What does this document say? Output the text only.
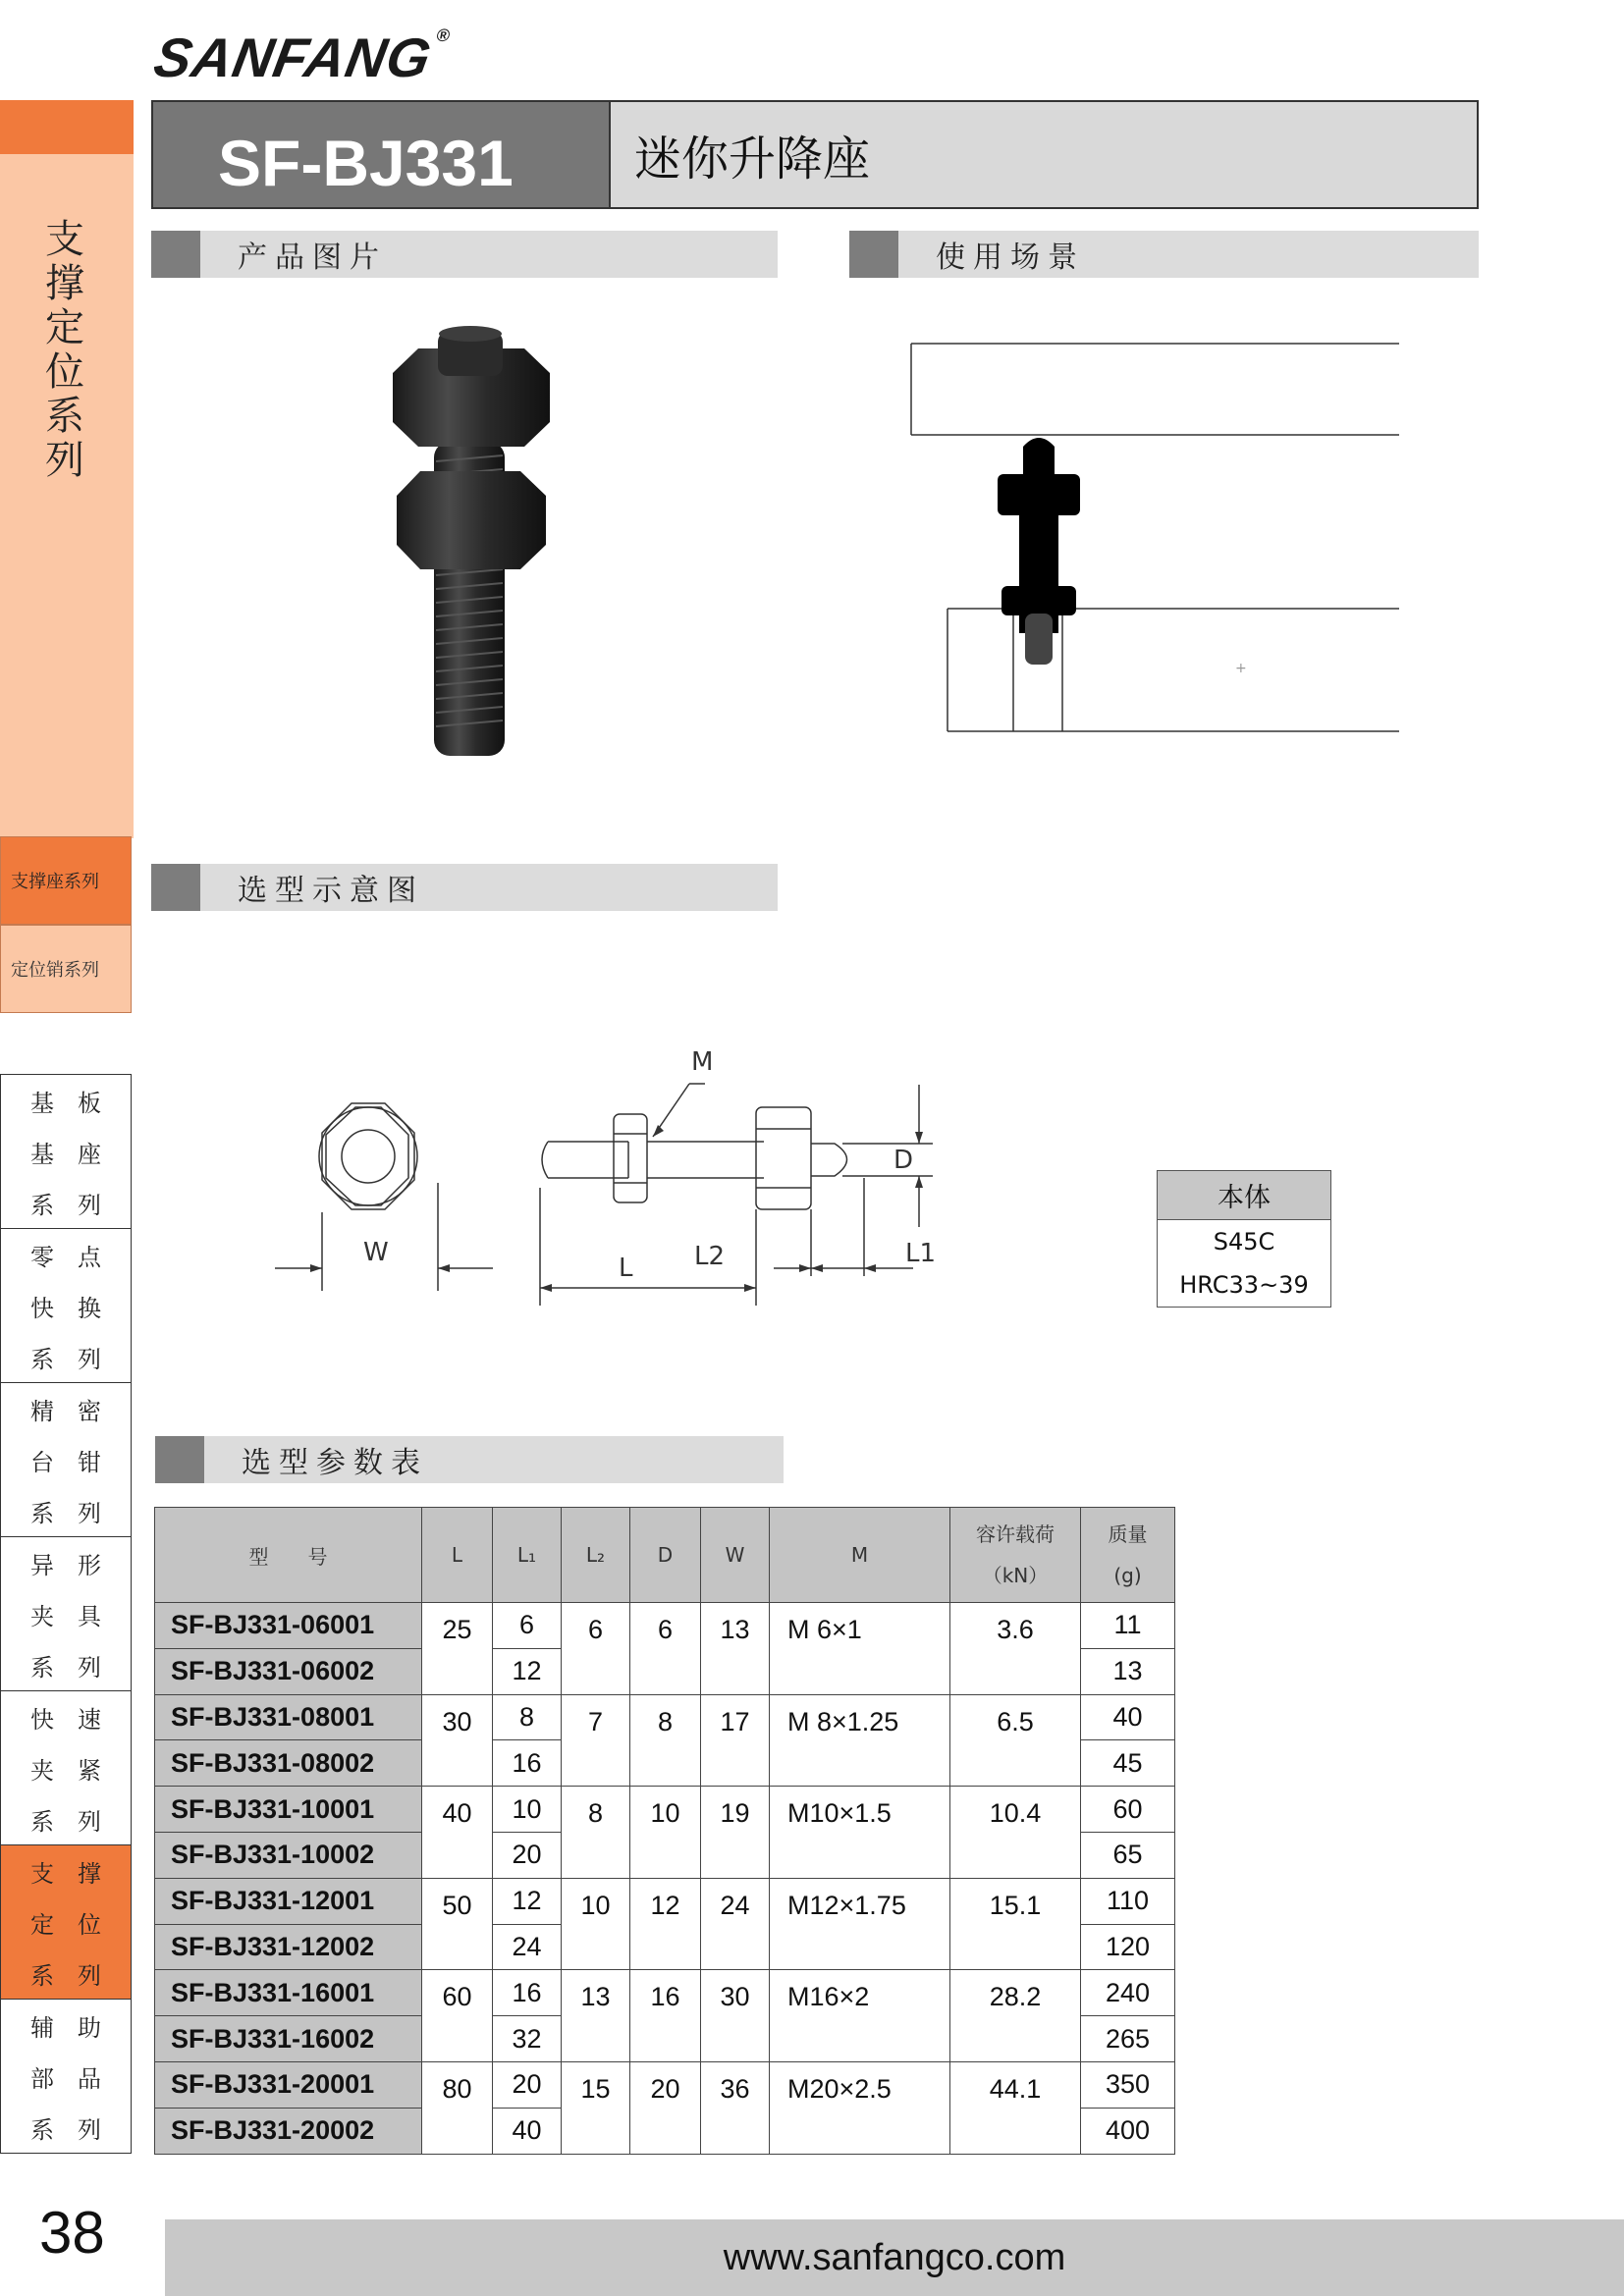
SANFANG®
支
撑
定
位
系
列
支撑座系列
定位销系列
基 板
基 座
系 列
零 点
快 换
系 列
精 密
台 钳
系 列
异 形
夹 具
系 列
快 速
夹 紧
系 列
支 撑
定 位
系 列
辅 助
部 品
系 列
SF-BJ331	迷你升降座
产品图片	使用场景
+
选型示意图
W
L L2	L1
D
M
本体
S45C
HRC33~39
选型参数表
型　　号	L	L₁	L₂	D	W	M	容许载荷
（kN）	质量
(g)
SF-BJ331-06001	25	6	6	6	13	M 6×1	3.6	11
SF-BJ331-06002		12						13
SF-BJ331-08001	30	8	7	8	17	M 8×1.25	6.5	40
SF-BJ331-08002		16						45
SF-BJ331-10001	40	10	8	10	19	M10×1.5	10.4	60
SF-BJ331-10002		20						65
SF-BJ331-12001	50	12	10	12	24	M12×1.75	15.1	110
SF-BJ331-12002		24						120
SF-BJ331-16001	60	16	13	16	30	M16×2	28.2	240
SF-BJ331-16002		32						265
SF-BJ331-20001	80	20	15	20	36	M20×2.5	44.1	350
SF-BJ331-20002		40						400
38	www.sanfangco.com
